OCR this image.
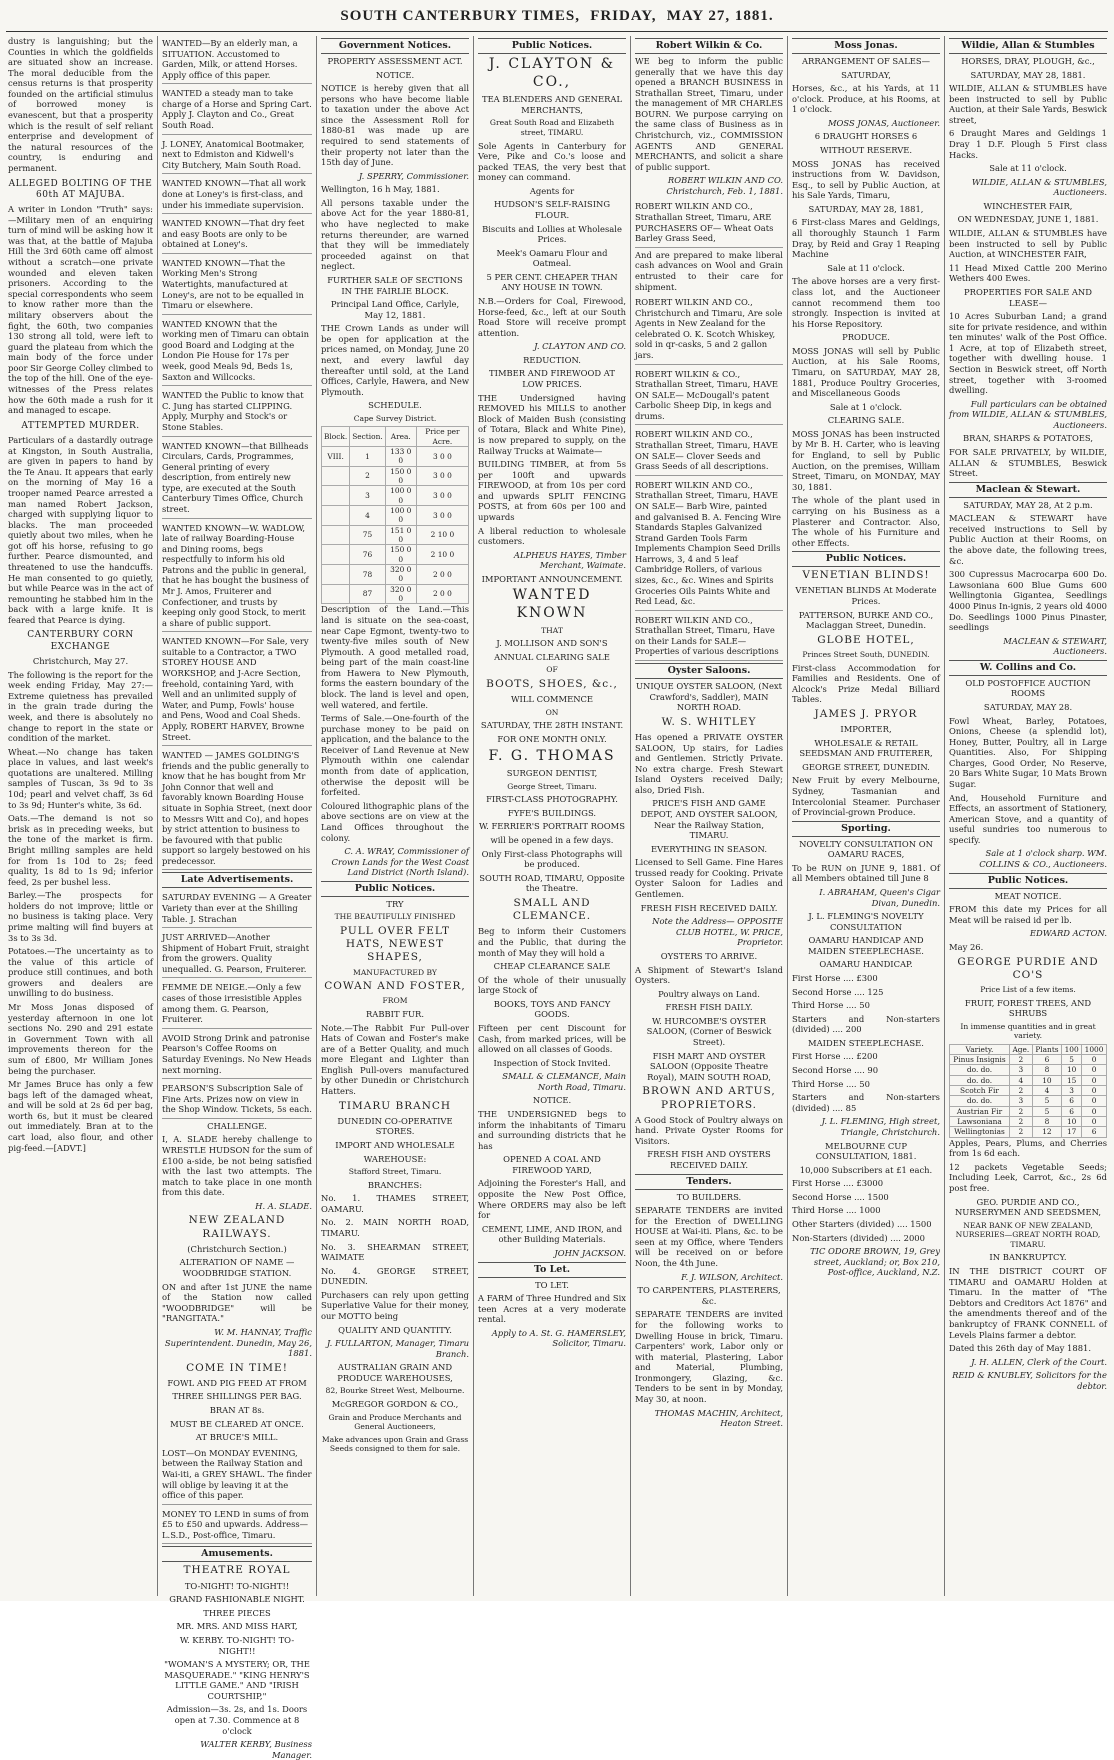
SOUTH CANTERBURY TIMES,
FRIDAY,
MAY 27, 1881.

dustry is languishing; but the Counties in which the goldfields are situated show an increase. The moral deducible from the census returns is that prosperity founded on the artificial stimulus of borrowed money is evanescent, but that a prosperity which is the result of self reliant enterprise and development of the natural resources of the country, is enduring and permanent.

ALLEGED BOLTING OF THE 60th AT MAJUBA.

A writer in London "Truth" says:—Military men of an enquiring turn of mind will be asking how it was that, at the battle of Majuba Hill the 3rd 60th came off almost without a scratch—one private wounded and eleven taken prisoners. According to the special correspondents who seem to know rather more than the military observers about the fight, the 60th, two companies 130 strong all told, were left to guard the plateau from which the main body of the force under poor Sir George Colley climbed to the top of the hill. One of the eye-witnesses of the Press relates how the 60th made a rush for it and managed to escape.

ATTEMPTED MURDER.

Particulars of a dastardly outrage at Kingston, in South Australia, are given in papers to hand by the Te Anau. It appears that early on the morning of May 16 a trooper named Pearce arrested a man named Robert Jackson, charged with supplying liquor to blacks. The man proceeded quietly about two miles, when he got off his horse, refusing to go further. Pearce dismounted, and threatened to use the handcuffs. He man consented to go quietly, but while Pearce was in the act of remounting he stabbed him in the back with a large knife. It is feared that Pearce is dying.

CANTERBURY CORN EXCHANGE

Christchurch, May 27.

The following is the report for the week ending Friday, May 27:— Extreme quietness has prevailed in the grain trade during the week, and there is absolutely no change to report in the state or condition of the market.

Wheat.—No change has taken place in values, and last week's quotations are unaltered. Milling samples of Tuscan, 3s 9d to 3s 10d; pearl and velvet chaff, 3s 6d to 3s 9d; Hunter's white, 3s 6d.

Oats.—The demand is not so brisk as in preceding weeks, but the tone of the market is firm. Bright milling samples are held for from 1s 10d to 2s; feed quality, 1s 8d to 1s 9d; inferior feed, 2s per bushel less.

Barley.—The prospects for holders do not improve; little or no business is taking place. Very prime malting will find buyers at 3s to 3s 3d.

Potatoes.—The uncertainty as to the value of this article of produce still continues, and both growers and dealers are unwilling to do business.

Mr Moss Jonas disposed of yesterday afternoon in one lot sections No. 290 and 291 estate in Government Town with all improvements thereon for the sum of £800, Mr William Jones being the purchaser.

Mr James Bruce has only a few bags left of the damaged wheat, and will be sold at 2s 6d per bag, worth 6s, but it must be cleared out immediately. Bran at to the cart load, also flour, and other pig-feed.—[ADVT.]

WANTED—By an elderly man, a SITUATION. Accustomed to Garden, Milk, or attend Horses. Apply office of this paper.
WANTED a steady man to take charge of a Horse and Spring Cart. Apply J. Clayton and Co., Great South Road.
J. LONEY, Anatomical Bootmaker, next to Edmiston and Kidwell's City Butchery, Main South Road.
WANTED KNOWN—That all work done at Loney's is first-class, and under his immediate supervision.
WANTED KNOWN—That dry feet and easy Boots are only to be obtained at Loney's.
WANTED KNOWN—That the Working Men's Strong Watertights, manufactured at Loney's, are not to be equalled in Timaru or elsewhere.
WANTED KNOWN that the working men of Timaru can obtain good Board and Lodging at the London Pie House for 17s per week, good Meals 9d, Beds 1s, Saxton and Willcocks.
WANTED the Public to know that C. Jung has started CLIPPING. Apply, Murphy and Stock's or Stone Stables.
WANTED KNOWN—that Billheads Circulars, Cards, Programmes, General printing of every description, from entirely new type, are executed at the South Canterbury Times Office, Church street.
WANTED KNOWN—W. WADLOW, late of railway Boarding-House and Dining rooms, begs respectfully to inform his old Patrons and the public in general, that he has bought the business of Mr J. Amos, Fruiterer and Confectioner, and trusts by keeping only good Stock, to merit a share of public support.
WANTED KNOWN—For Sale, very suitable to a Contractor, a TWO STOREY HOUSE AND WORKSHOP, and J-Acre Section, freehold, containing Yard, with Well and an unlimited supply of Water, and Pump, Fowls' house and Pens, Wood and Coal Sheds. Apply, ROBERT HARVEY, Browne Street.
WANTED — JAMES GOLDING'S friends and the public generally to know that he has bought from Mr John Connor that well and favorably known Boarding House situate in Sophia Street, (next door to Messrs Witt and Co), and hopes by strict attention to business to be favoured with that public support so largely bestowed on his predecessor.
Late Advertisements.
SATURDAY EVENING — A Greater Variety than ever at the Shilling Table. J. Strachan
JUST ARRIVED—Another Shipment of Hobart Fruit, straight from the growers. Quality unequalled. G. Pearson, Fruiterer.
FEMME DE NEIGE.—Only a few cases of those irresistible Apples among them. G. Pearson, Fruiterer.
AVOID Strong Drink and patronise Pearson's Coffee Rooms on Saturday Evenings. No New Heads next morning.
PEARSON'S Subscription Sale of Fine Arts. Prizes now on view in the Shop Window. Tickets, 5s each.

CHALLENGE.

I, A. SLADE hereby challenge to WRESTLE HUDSON for the sum of £100 a-side, be not being satisfied with the last two attempts. The match to take place in one month from this date.

H. A. SLADE.

NEW ZEALAND RAILWAYS.

(Christchurch Section.)

ALTERATION OF NAME — WOODBRIDGE STATION.

ON and after 1st JUNE the name of the Station now called "WOODBRIDGE" will be "RANGITATA."

W. M. HANNAY, Traffic Superintendent. Dunedin, May 26, 1881.

COME IN TIME!

FOWL AND PIG FEED AT FROM

THREE SHILLINGS PER BAG.

BRAN AT 8s.

MUST BE CLEARED AT ONCE.

AT BRUCE'S MILL.

LOST—On MONDAY EVENING, between the Railway Station and Wai-iti, a GREY SHAWL. The finder will oblige by leaving it at the office of this paper.
MONEY TO LEND in sums of from £5 to £50 and upwards. Address—L.S.D., Post-office, Timaru.
Amusements.

THEATRE ROYAL

TO-NIGHT! TO-NIGHT!!

GRAND FASHIONABLE NIGHT.

THREE PIECES

MR. MRS. AND MISS HART,

W. KERBY. TO-NIGHT! TO-NIGHT!!

"WOMAN'S A MYSTERY; OR, THE MASQUERADE." "KING HENRY'S LITTLE GAME." AND "IRISH COURTSHIP,"

Admission—3s. 2s, and 1s. Doors open at 7.30. Commence at 8 o'clock

WALTER KERBY, Business Manager.

Government Notices.

PROPERTY ASSESSMENT ACT.

NOTICE.

NOTICE is hereby given that all persons who have become liable to taxation under the above Act since the Assessment Roll for 1880-81 was made up are required to send statements of their property not later than the 15th day of June.

J. SPERRY, Commissioner.

Wellington, 16 h May, 1881.

All persons taxable under the above Act for the year 1880-81, who have neglected to make returns thereunder, are warned that they will be immediately proceeded against on that neglect.

FURTHER SALE OF SECTIONS IN THE FAIRLIE BLOCK.

Principal Land Office, Carlyle, May 12, 1881.

THE Crown Lands as under will be open for application at the prices named, on Monday, June 20 next, and every lawful day thereafter until sold, at the Land Offices, Carlyle, Hawera, and New Plymouth.

SCHEDULE.

Cape Survey District.

Block.	Section.	Area.	Price per Acre.
VIII.	1	133 0 0	3 0 0
	2	150 0 0	3 0 0
	3	100 0 0	3 0 0
	4	100 0 0	3 0 0
	75	151 0 0	2 10 0
	76	150 0 0	2 10 0
	78	320 0 0	2 0 0
	87	320 0 0	2 0 0

Description of the Land.—This land is situate on the sea-coast, near Cape Egmont, twenty-two to twenty-five miles south of New Plymouth. A good metalled road, being part of the main coast-line from Hawera to New Plymouth, forms the eastern boundary of the block. The land is level and open, well watered, and fertile.

Terms of Sale.—One-fourth of the purchase money to be paid on application, and the balance to the Receiver of Land Revenue at New Plymouth within one calendar month from date of application, otherwise the deposit will be forfeited.

Coloured lithographic plans of the above sections are on view at the Land Offices throughout the colony.

C. A. WRAY, Commissioner of Crown Lands for the West Coast Land District (North Island).

Public Notices.

TRY

THE BEAUTIFULLY FINISHED

PULL OVER FELT HATS, NEWEST SHAPES,

MANUFACTURED BY

COWAN AND FOSTER,

FROM

RABBIT FUR.

Note.—The Rabbit Fur Pull-over Hats of Cowan and Foster's make are of a Better Quality, and much more Elegant and Lighter than English Pull-overs manufactured by other Dunedin or Christchurch Hatters.

TIMARU BRANCH

DUNEDIN CO-OPERATIVE STORES.

IMPORT AND WHOLESALE

WAREHOUSE:

Stafford Street, Timaru.

BRANCHES:

No. 1. THAMES STREET, OAMARU.

No. 2. MAIN NORTH ROAD, TIMARU.

No. 3. SHEARMAN STREET, WAIMATE

No. 4. GEORGE STREET, DUNEDIN.

Purchasers can rely upon getting Superlative Value for their money, our MOTTO being

QUALITY AND QUANTITY.

J. FULLARTON, Manager, Timaru Branch.

AUSTRALIAN GRAIN AND PRODUCE WAREHOUSES,

82, Bourke Street West, Melbourne.

McGREGOR GORDON & CO.,

Grain and Produce Merchants and General Auctioneers,

Make advances upon Grain and Grass Seeds consigned to them for sale.

Public Notices.

J. CLAYTON & CO.,

TEA BLENDERS AND GENERAL MERCHANTS,

Great South Road and Elizabeth street, TIMARU.

Sole Agents in Canterbury for Vere, Pike and Co.'s loose and packed TEAS, the very best that money can command.

Agents for

HUDSON'S SELF-RAISING FLOUR.

Biscuits and Lollies at Wholesale Prices.

Meek's Oamaru Flour and Oatmeal.

5 PER CENT. CHEAPER THAN ANY HOUSE IN TOWN.

N.B.—Orders for Coal, Firewood, Horse-feed, &c., left at our South Road Store will receive prompt attention.

J. CLAYTON AND CO.

REDUCTION.

TIMBER AND FIREWOOD AT LOW PRICES.

THE Undersigned having REMOVED his MILLS to another Block of Maiden Bush (consisting of Totara, Black and White Pine), is now prepared to supply, on the Railway Trucks at Waimate—

BUILDING TIMBER, at from 5s per 100ft and upwards FIREWOOD, at from 10s per cord and upwards SPLIT FENCING POSTS, at from 60s per 100 and upwards

A liberal reduction to wholesale customers.

ALPHEUS HAYES, Timber Merchant, Waimate.

IMPORTANT ANNOUNCEMENT.

WANTED KNOWN

THAT

J. MOLLISON AND SON'S

ANNUAL CLEARING SALE

OF

BOOTS, SHOES, &c.,

WILL COMMENCE

ON

SATURDAY, THE 28TH INSTANT.

FOR ONE MONTH ONLY.

F. G. THOMAS

SURGEON DENTIST,

George Street, Timaru.

FIRST-CLASS PHOTOGRAPHY.

FYFE'S BUILDINGS.

W. FERRIER'S PORTRAIT ROOMS

will be opened in a few days.

Only First-class Photographs will be produced.

SOUTH ROAD, TIMARU, Opposite the Theatre.

SMALL AND CLEMANCE.

Beg to inform their Customers and the Public, that during the month of May they will hold a

CHEAP CLEARANCE SALE

Of the whole of their unusually large Stock of

BOOKS, TOYS AND FANCY GOODS.

Fifteen per cent Discount for Cash, from marked prices, will be allowed on all classes of Goods.

Inspection of Stock Invited.

SMALL & CLEMANCE, Main North Road, Timaru.

NOTICE.

THE UNDERSIGNED begs to inform the inhabitants of Timaru and surrounding districts that he has

OPENED A COAL AND FIREWOOD YARD,

Adjoining the Forester's Hall, and opposite the New Post Office, Where ORDERS may also be left for

CEMENT, LIME, AND IRON, and other Building Materials.

JOHN JACKSON.

To Let.

TO LET.

A FARM of Three Hundred and Six teen Acres at a very moderate rental.

Apply to A. St. G. HAMERSLEY, Solicitor, Timaru.

Robert Wilkin & Co.

WE beg to inform the public generally that we have this day opened a BRANCH BUSINESS in Strathallan Street, Timaru, under the management of MR CHARLES BOURN. We purpose carrying on the same class of Business as in Christchurch, viz., COMMISSION AGENTS AND GENERAL MERCHANTS, and solicit a share of public support.

ROBERT WILKIN AND CO. Christchurch, Feb. 1, 1881.

ROBERT WILKIN AND CO., Strathallan Street, Timaru, ARE PURCHASERS OF— Wheat Oats Barley Grass Seed,

And are prepared to make liberal cash advances on Wool and Grain entrusted to their care for shipment.

ROBERT WILKIN AND CO., Christchurch and Timaru, Are sole Agents in New Zealand for the celebrated O. K. Scotch Whiskey, sold in qr-casks, 5 and 2 gallon jars.
ROBERT WILKIN & CO., Strathallan Street, Timaru, HAVE ON SALE— McDougall's patent Carbolic Sheep Dip, in kegs and drums.
ROBERT WILKIN AND CO., Strathallan Street, Timaru, HAVE ON SALE— Clover Seeds and Grass Seeds of all descriptions.
ROBERT WILKIN AND CO., Strathallan Street, Timaru, HAVE ON SALE— Barb Wire, painted and galvanised B. A. Fencing Wire Standards Staples Galvanized Strand Garden Tools Farm Implements Champion Seed Drills Harrows, 3, 4 and 5 leaf Cambridge Rollers, of various sizes, &c., &c. Wines and Spirits Groceries Oils Paints White and Red Lead, &c.
ROBERT WILKIN AND CO., Strathallan Street, Timaru, Have on their Lands for SALE— Properties of various descriptions
Oyster Saloons.

UNIQUE OYSTER SALOON, (Next Crawford's, Saddler), MAIN NORTH ROAD.

W. S. WHITLEY

Has opened a PRIVATE OYSTER SALOON, Up stairs, for Ladies and Gentlemen. Strictly Private. No extra charge. Fresh Stewart Island Oysters received Daily; also, Dried Fish.

PRICE'S FISH AND GAME DEPOT, AND OYSTER SALOON, Near the Railway Station, TIMARU.

EVERYTHING IN SEASON.

Licensed to Sell Game. Fine Hares trussed ready for Cooking. Private Oyster Saloon for Ladies and Gentlemen.

FRESH FISH RECEIVED DAILY.

Note the Address— OPPOSITE CLUB HOTEL, W. PRICE, Proprietor.

OYSTERS TO ARRIVE.

A Shipment of Stewart's Island Oysters.

Poultry always on Land.

FRESH FISH DAILY.

W. HURCOMBE'S OYSTER SALOON, (Corner of Beswick Street).

FISH MART AND OYSTER SALOON (Opposite Theatre Royal), MAIN SOUTH ROAD,

BROWN AND ARTUS, PROPRIETORS.

A Good Stock of Poultry always on hand. Private Oyster Rooms for Visitors.

FRESH FISH AND OYSTERS RECEIVED DAILY.

Tenders.

TO BUILDERS.

SEPARATE TENDERS are invited for the Erection of DWELLING HOUSE at Wai-iti. Plans, &c. to be seen at my Office, where Tenders will be received on or before Noon, the 4th June.

F. J. WILSON, Architect.

TO CARPENTERS, PLASTERERS, &c.

SEPARATE TENDERS are invited for the following works to Dwelling House in brick, Timaru. Carpenters' work, Labor only or with material, Plastering, Labor and Material, Plumbing, Ironmongery, Glazing, &c. Tenders to be sent in by Monday, May 30, at noon.

THOMAS MACHIN, Architect, Heaton Street.

Moss Jonas.

ARRANGEMENT OF SALES—

SATURDAY,

Horses, &c., at his Yards, at 11 o'clock. Produce, at his Rooms, at 1 o'clock.

MOSS JONAS, Auctioneer.

6 DRAUGHT HORSES 6

WITHOUT RESERVE.

MOSS JONAS has received instructions from W. Davidson, Esq., to sell by Public Auction, at his Sale Yards, Timaru,

SATURDAY, MAY 28, 1881,

6 First-class Mares and Geldings, all thoroughly Staunch 1 Farm Dray, by Reid and Gray 1 Reaping Machine

Sale at 11 o'clock.

The above horses are a very first-class lot, and the Auctioneer cannot recommend them too strongly. Inspection is invited at his Horse Repository.

PRODUCE.

MOSS JONAS will sell by Public Auction, at his Sale Rooms, Timaru, on SATURDAY, MAY 28, 1881, Produce Poultry Groceries, and Miscellaneous Goods

Sale at 1 o'clock.

CLEARING SALE.

MOSS JONAS has been instructed by Mr B. H. Carter, who is leaving for England, to sell by Public Auction, on the premises, William Street, Timaru, on MONDAY, MAY 30, 1881.

The whole of the plant used in carrying on his Business as a Plasterer and Contractor. Also, The whole of his Furniture and other Effects.

Public Notices.

VENETIAN BLINDS!

VENETIAN BLINDS At Moderate Prices.

PATTERSON, BURKE AND CO., Maclaggan Street, Dunedin.

GLOBE HOTEL,

Princes Street South, DUNEDIN.

First-class Accommodation for Families and Residents. One of Alcock's Prize Medal Billiard Tables.

JAMES J. PRYOR

IMPORTER,

WHOLESALE & RETAIL SEEDSMAN AND FRUITERER,

GEORGE STREET, DUNEDIN.

New Fruit by every Melbourne, Sydney, Tasmanian and Intercolonial Steamer. Purchaser of Provincial-grown Produce.

Sporting.

NOVELTY CONSULTATION ON OAMARU RACES,

To be RUN on JUNE 9, 1881. Of all Members obtained till June 8

I. ABRAHAM, Queen's Cigar Divan, Dunedin.

J. L. FLEMING'S NOVELTY CONSULTATION

OAMARU HANDICAP AND MAIDEN STEEPLECHASE.

OAMARU HANDICAP.

First Horse .... £300

Second Horse .... 125

Third Horse .... 50

Starters and Non-starters (divided) .... 200

MAIDEN STEEPLECHASE.

First Horse .... £200

Second Horse .... 90

Third Horse .... 50

Starters and Non-starters (divided) .... 85

J. L. FLEMING, High street, Triangle, Christchurch.

MELBOURNE CUP CONSULTATION, 1881.

10,000 Subscribers at £1 each.

First Horse .... £3000

Second Horse .... 1500

Third Horse .... 1000

Other Starters (divided) .... 1500

Non-Starters (divided) .... 2000

TIC ODORE BROWN, 19, Grey street, Auckland; or, Box 210, Post-office, Auckland, N.Z.

Wildie, Allan & Stumbles

HORSES, DRAY, PLOUGH, &c.,

SATURDAY, MAY 28, 1881.

WILDIE, ALLAN & STUMBLES have been instructed to sell by Public Auction, at their Sale Yards, Beswick street,

6 Draught Mares and Geldings 1 Dray 1 D.F. Plough 5 First class Hacks.

Sale at 11 o'clock.

WILDIE, ALLAN & STUMBLES, Auctioneers.

WINCHESTER FAIR,

ON WEDNESDAY, JUNE 1, 1881.

WILDIE, ALLAN & STUMBLES have been instructed to sell by Public Auction, at WINCHESTER FAIR,

11 Head Mixed Cattle 200 Merino Wethers 400 Ewes.

PROPERTIES FOR SALE AND LEASE—

10 Acres Suburban Land; a grand site for private residence, and within ten minutes' walk of the Post Office. 1 Acre, at top of Elizabeth street, together with dwelling house. 1 Section in Beswick street, off North street, together with 3-roomed dwelling.

Full particulars can be obtained from WILDIE, ALLAN & STUMBLES, Auctioneers.

BRAN, SHARPS & POTATOES,

FOR SALE PRIVATELY, by WILDIE, ALLAN & STUMBLES, Beswick Street.

Maclean & Stewart.

SATURDAY, MAY 28, At 2 p.m.

MACLEAN & STEWART have received instructions to Sell by Public Auction at their Rooms, on the above date, the following trees, &c.

300 Cupressus Macrocarpa 600 Do. Lawsoniana 600 Blue Gums 600 Wellingtonia Gigantea, Seedlings 4000 Pinus In-ignis, 2 years old 4000 Do. Seedlings 1000 Pinus Pinaster, seedlings

MACLEAN & STEWART, Auctioneers.

W. Collins and Co.

OLD POSTOFFICE AUCTION ROOMS

SATURDAY, MAY 28.

Fowl Wheat, Barley, Potatoes, Onions, Cheese (a splendid lot), Honey, Butter, Poultry, all in Large Quantities. Also, For Shipping Charges, Good Order, No Reserve, 20 Bars White Sugar, 10 Mats Brown Sugar.

And, Household Furniture and Effects, an assortment of Stationery, American Stove, and a quantity of useful sundries too numerous to specify.

Sale at 1 o'clock sharp. WM. COLLINS & CO., Auctioneers.

Public Notices.

MEAT NOTICE.

FROM this date my Prices for all Meat will be raised id per lb.

EDWARD ACTON.

May 26.

GEORGE PURDIE AND CO'S

Price List of a few items.

FRUIT, FOREST TREES, AND SHRUBS

In immense quantities and in great variety.

Variety.	Age.	Plants	100	1000
Pinus Insignis	2	6	5	0
do. do.	3	8	10	0
do. do.	4	10	15	0
Scotch Fir	2	4	3	0
do. do.	3	5	6	0
Austrian Fir	2	5	6	0
Lawsoniana	2	8	10	0
Wellingtonias	2	12	17	6

Apples, Pears, Plums, and Cherries from 1s 6d each.

12 packets Vegetable Seeds; Including Leek, Carrot, &c., 2s 6d post free.

GEO. PURDIE AND CO., NURSERYMEN AND SEEDSMEN,

NEAR BANK OF NEW ZEALAND, NURSERIES—GREAT NORTH ROAD, TIMARU.

IN BANKRUPTCY.

IN THE DISTRICT COURT OF TIMARU and OAMARU Holden at Timaru. In the matter of "The Debtors and Creditors Act 1876" and the amendments thereof and of the bankruptcy of FRANK CONNELL of Levels Plains farmer a debtor.

Dated this 26th day of May 1881.

J. H. ALLEN, Clerk of the Court.

REID & KNUBLEY, Solicitors for the debtor.
